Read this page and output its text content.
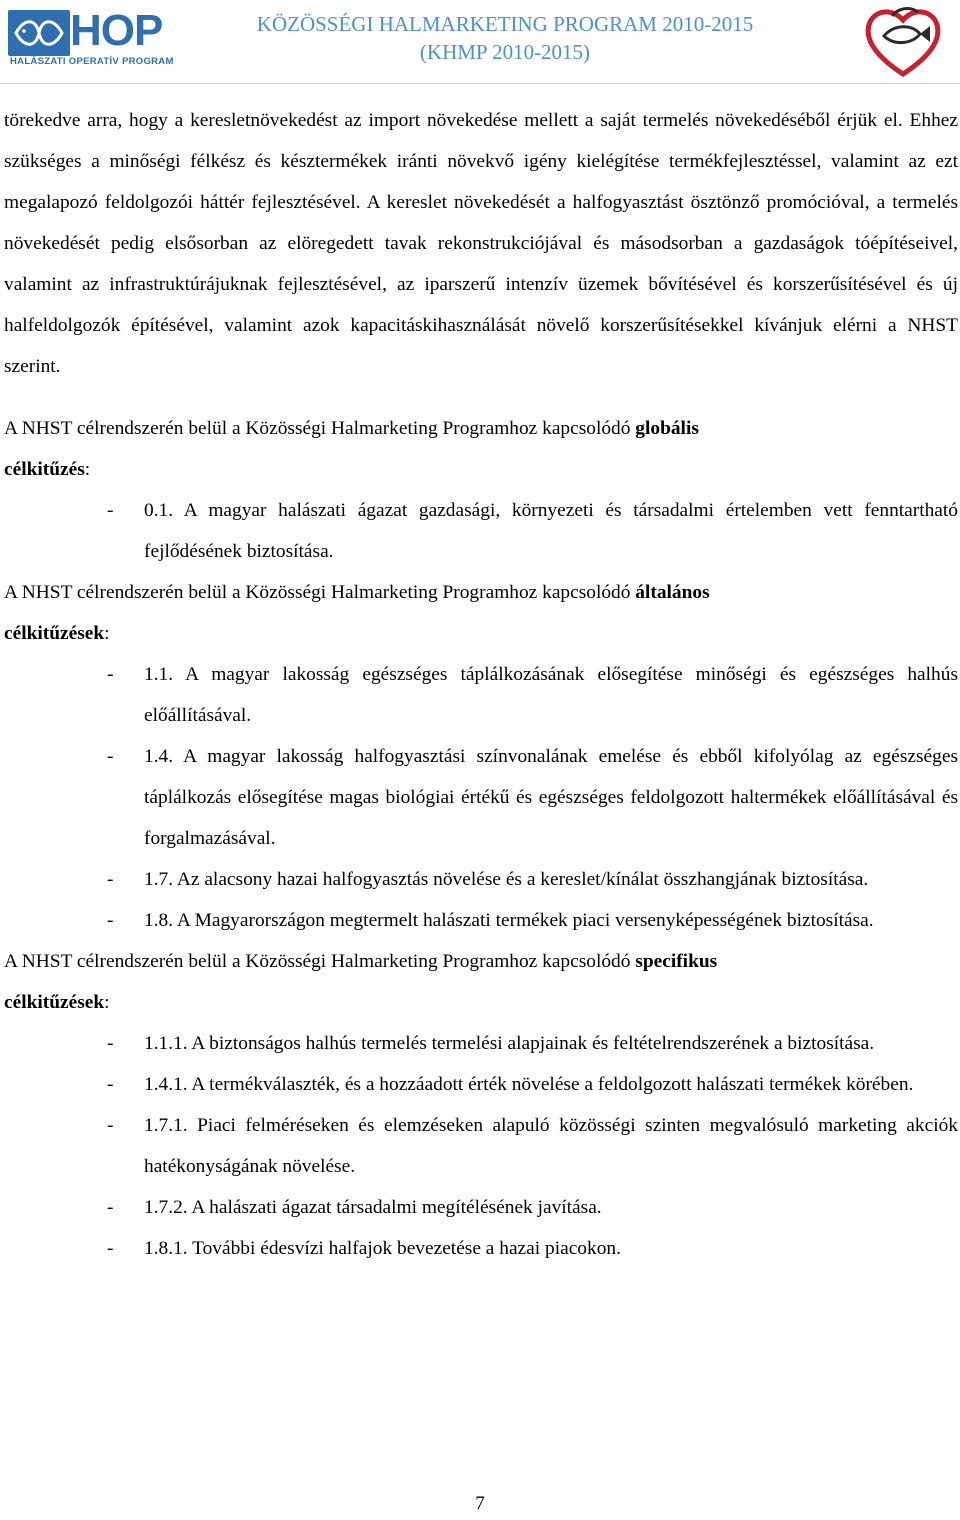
HOP
HALÁSZATI OPERATÍV PROGRAM
KÖZÖSSÉGI HALMARKETING PROGRAM 2010-2015
(KHMP 2010-2015)

törekedve arra, hogy a keresletnövekedést az import növekedése mellett a saját termelés növekedéséből érjük el. Ehhez szükséges a minőségi félkész és késztermékek iránti növekvő igény kielégítése termékfejlesztéssel, valamint az ezt megalapozó feldolgozói háttér fejlesztésével. A kereslet növekedését a halfogyasztást ösztönző promócióval, a termelés növekedését pedig elsősorban az elöregedett tavak rekonstrukciójával és másodsorban a gazdaságok tóépítéseivel, valamint az infrastruktúrájuknak fejlesztésével, az iparszerű intenzív üzemek bővítésével és korszerűsítésével és új halfeldolgozók építésével, valamint azok kapacitáskihasználását növelő korszerűsítésekkel kívánjuk elérni a NHST szerint.

A NHST célrendszerén belül a Közösségi Halmarketing Programhoz kapcsolódó globális
célkitűzés:

- 0.1. A magyar halászati ágazat gazdasági, környezeti és társadalmi értelemben vett fenntartható fejlődésének biztosítása.

A NHST célrendszerén belül a Közösségi Halmarketing Programhoz kapcsolódó általános
célkitűzések:

- 1.1. A magyar lakosság egészséges táplálkozásának elősegítése minőségi és egészséges halhús előállításával.

- 1.4. A magyar lakosság halfogyasztási színvonalának emelése és ebből kifolyólag az egészséges táplálkozás elősegítése magas biológiai értékű és egészséges feldolgozott haltermékek előállításával és forgalmazásával.

- 1.7. Az alacsony hazai halfogyasztás növelése és a kereslet/kínálat összhangjának biztosítása.

- 1.8. A Magyarországon megtermelt halászati termékek piaci versenyképességének biztosítása.

A NHST célrendszerén belül a Közösségi Halmarketing Programhoz kapcsolódó specifikus
célkitűzések:

- 1.1.1. A biztonságos halhús termelés termelési alapjainak és feltételrendszerének a biztosítása.

- 1.4.1. A termékválaszték, és a hozzáadott érték növelése a feldolgozott halászati termékek körében.

- 1.7.1. Piaci felméréseken és elemzéseken alapuló közösségi szinten megvalósuló marketing akciók hatékonyságának növelése.

- 1.7.2. A halászati ágazat társadalmi megítélésének javítása.

- 1.8.1. További édesvízi halfajok bevezetése a hazai piacokon.

7
